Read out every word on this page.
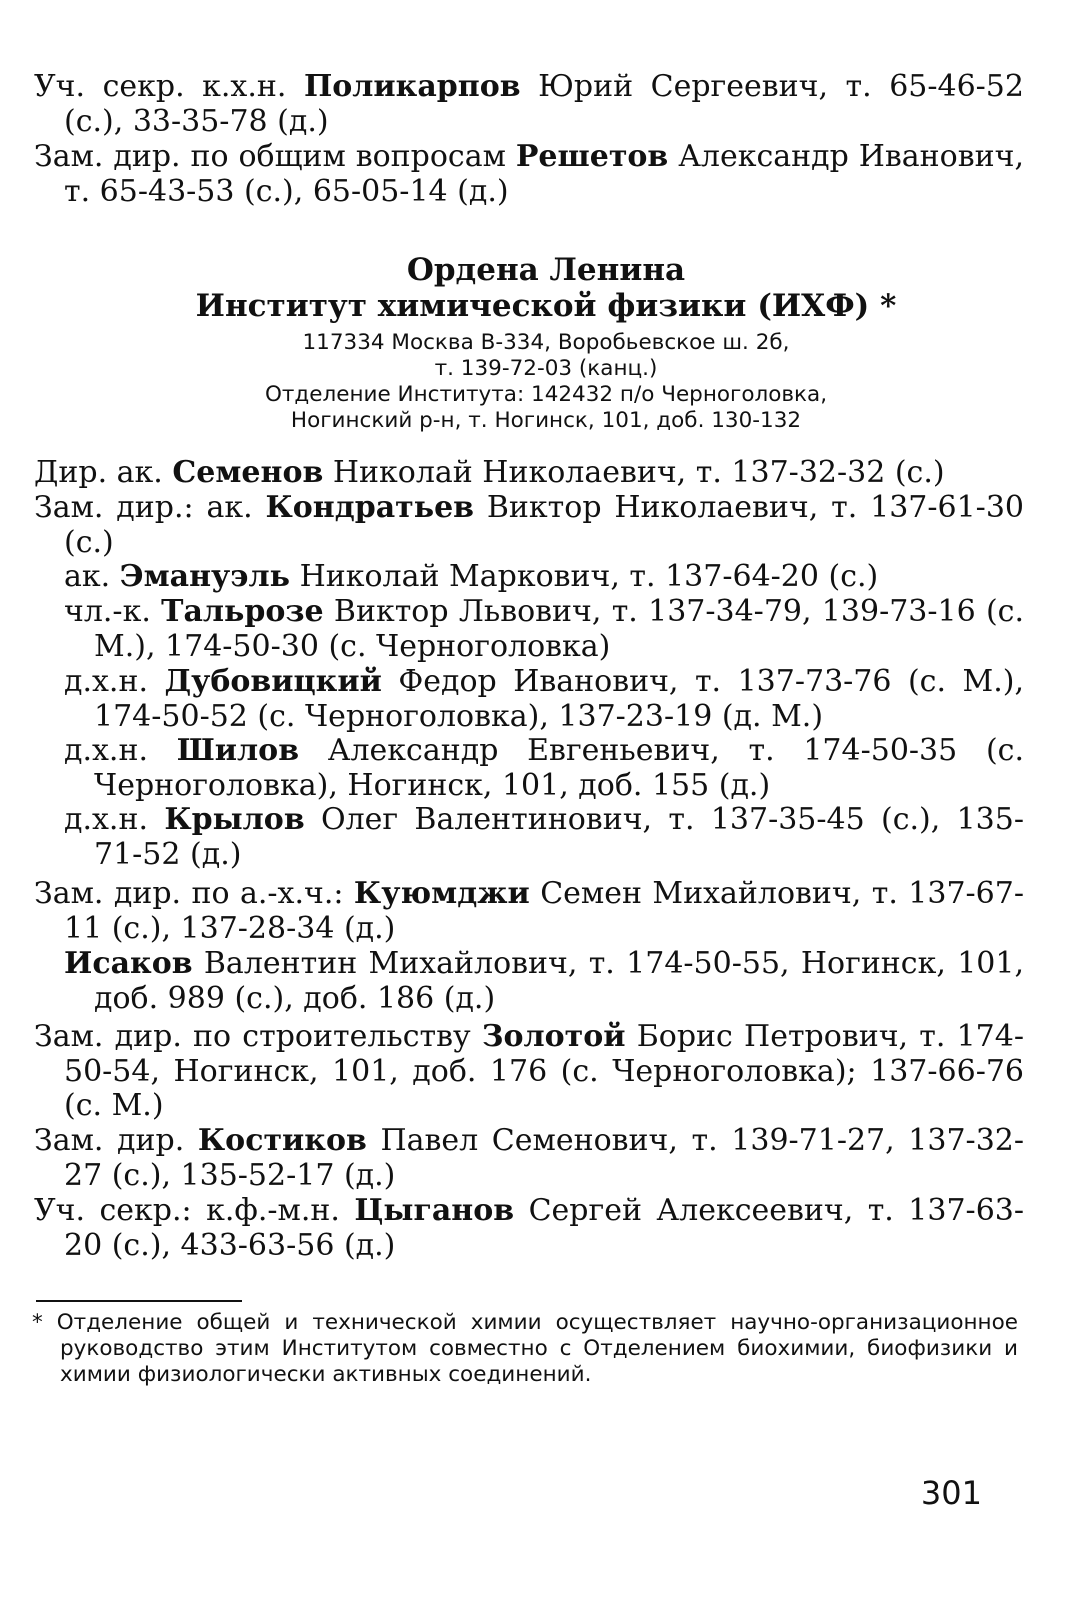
Уч. секр. к.х.н. Поликарпов Юрий Сергеевич, т. 65-46-52 (с.), 33-35-78 (д.)

Зам. дир. по общим вопросам Решетов Александр Иванович, т. 65-43-53 (с.), 65-05-14 (д.)

Ордена Ленина
Институт химической физики (ИХФ) *
117334 Москва В-334, Воробьевское ш. 2б,
т. 139-72-03 (канц.)
Отделение Института: 142432 п/о Черноголовка,
Ногинский р-н, т. Ногинск, 101, доб. 130-132

Дир. ак. Семенов Николай Николаевич, т. 137-32-32 (с.)

Зам. дир.: ак. Кондратьев Виктор Николаевич, т. 137-61-30 (с.)

ак. Эмануэль Николай Маркович, т. 137-64-20 (с.)

чл.-к. Тальрозе Виктор Львович, т. 137-34-79, 139-73-16 (с. М.), 174-50-30 (с. Черноголовка)

д.х.н. Дубовицкий Федор Иванович, т. 137-73-76 (с. М.), 174-50-52 (с. Черноголовка), 137-23-19 (д. М.)

д.х.н. Шилов Александр Евгеньевич, т. 174-50-35 (с. Черноголовка), Ногинск, 101, доб. 155 (д.)

д.х.н. Крылов Олег Валентинович, т. 137-35-45 (с.), 135-71-52 (д.)

Зам. дир. по а.-х.ч.: Куюмджи Семен Михайлович, т. 137-67-11 (с.), 137-28-34 (д.)

Исаков Валентин Михайлович, т. 174-50-55, Ногинск, 101, доб. 989 (с.), доб. 186 (д.)

Зам. дир. по строительству Золотой Борис Петрович, т. 174-50-54, Ногинск, 101, доб. 176 (с. Черноголовка); 137-66-76 (с. М.)

Зам. дир. Костиков Павел Семенович, т. 139-71-27, 137-32-27 (с.), 135-52-17 (д.)

Уч. секр.: к.ф.-м.н. Цыганов Сергей Алексеевич, т. 137-63-20 (с.), 433-63-56 (д.)

* Отделение общей и технической химии осуществляет научно-организационное руководство этим Институтом совместно с Отделением биохимии, биофизики и химии физиологически активных соединений.

301
